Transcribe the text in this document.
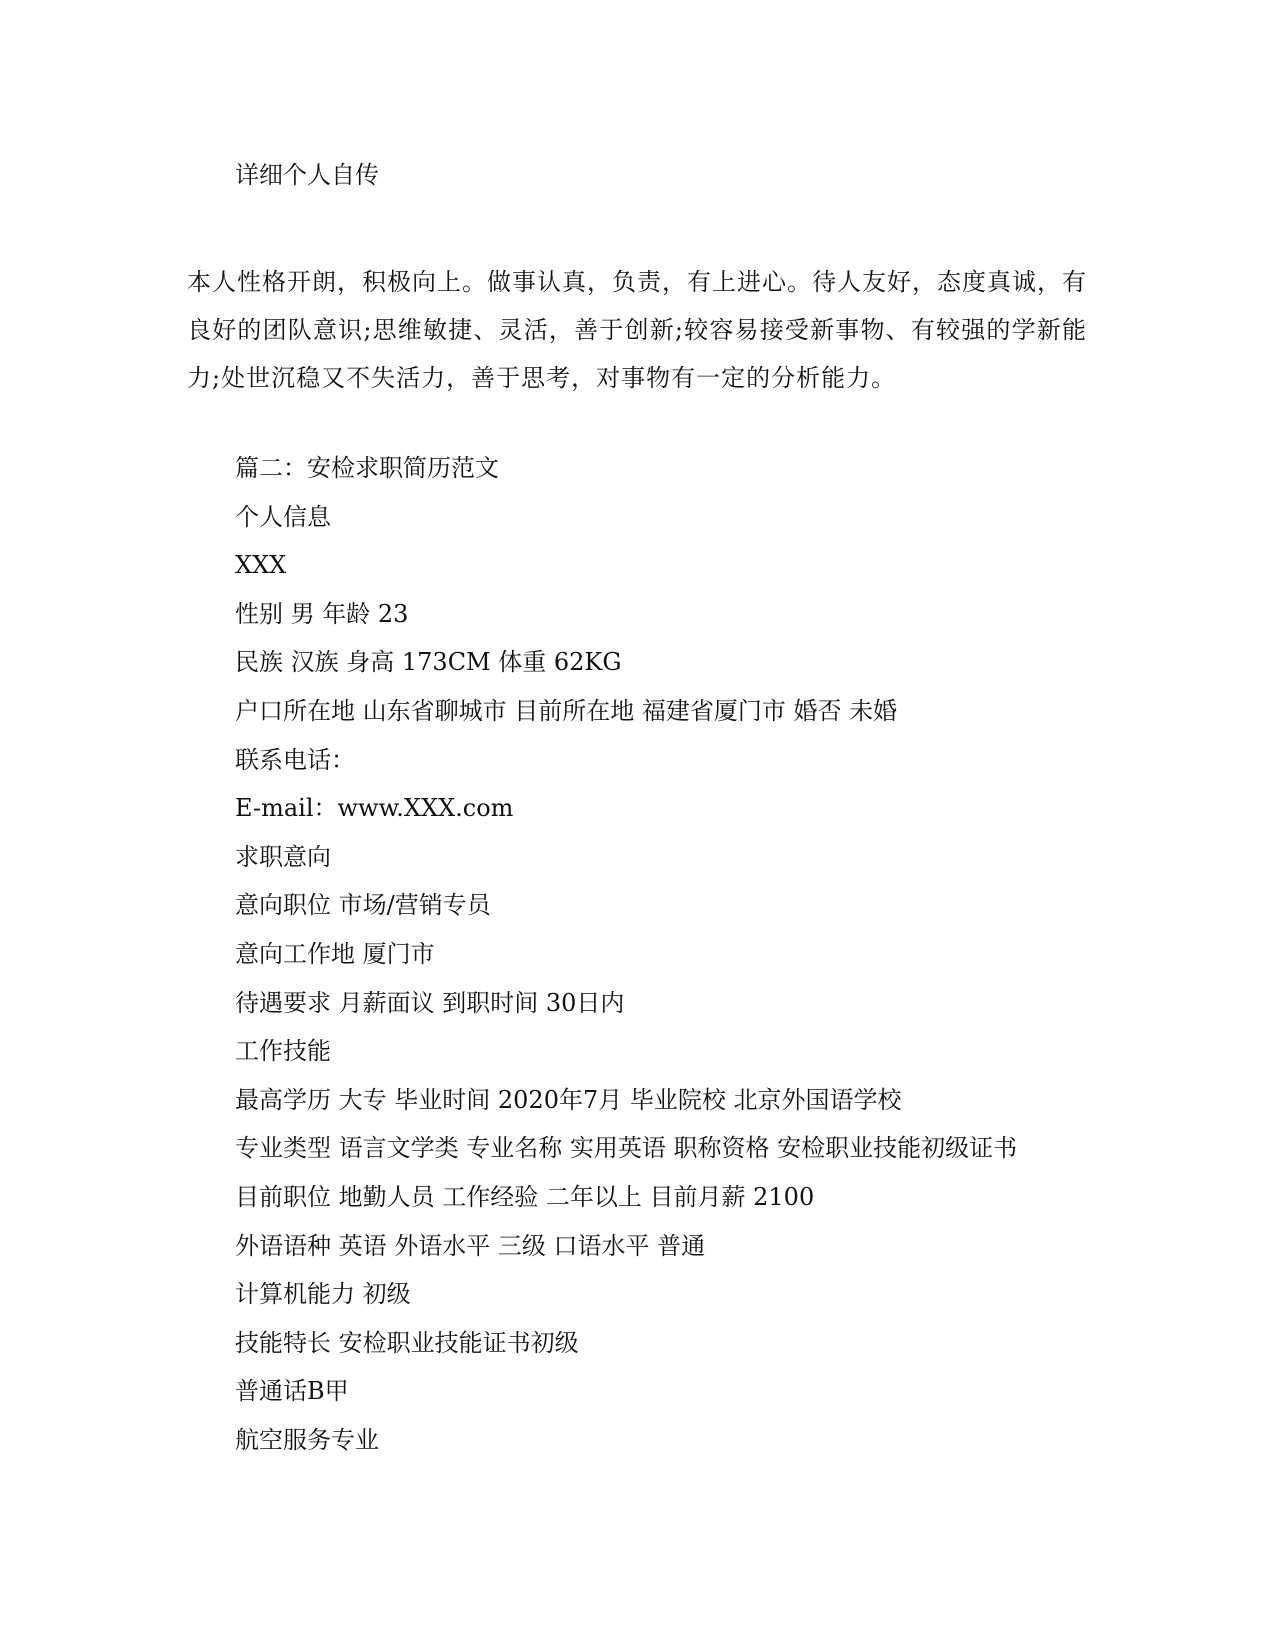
详细个人自传
本人性格开朗，积极向上。做事认真，负责，有上进心。待人友好，态度真诚，有良好的团队意识;思维敏捷、灵活，善于创新;较容易接受新事物、有较强的学新能力;处世沉稳又不失活力，善于思考，对事物有一定的分析能力。
篇二：安检求职简历范文
个人信息
XXX
性别 男 年龄 23
民族 汉族 身高 173CM 体重 62KG
户口所在地 山东省聊城市 目前所在地 福建省厦门市 婚否 未婚
联系电话：
E-mail：www.XXX.com
求职意向
意向职位 市场/营销专员
意向工作地 厦门市
待遇要求 月薪面议 到职时间 30日内
工作技能
最高学历 大专 毕业时间 2020年7月 毕业院校 北京外国语学校
专业类型 语言文学类 专业名称 实用英语 职称资格 安检职业技能初级证书
目前职位 地勤人员 工作经验 二年以上 目前月薪 2100
外语语种 英语 外语水平 三级 口语水平 普通
计算机能力 初级
技能特长 安检职业技能证书初级
普通话B甲
航空服务专业
